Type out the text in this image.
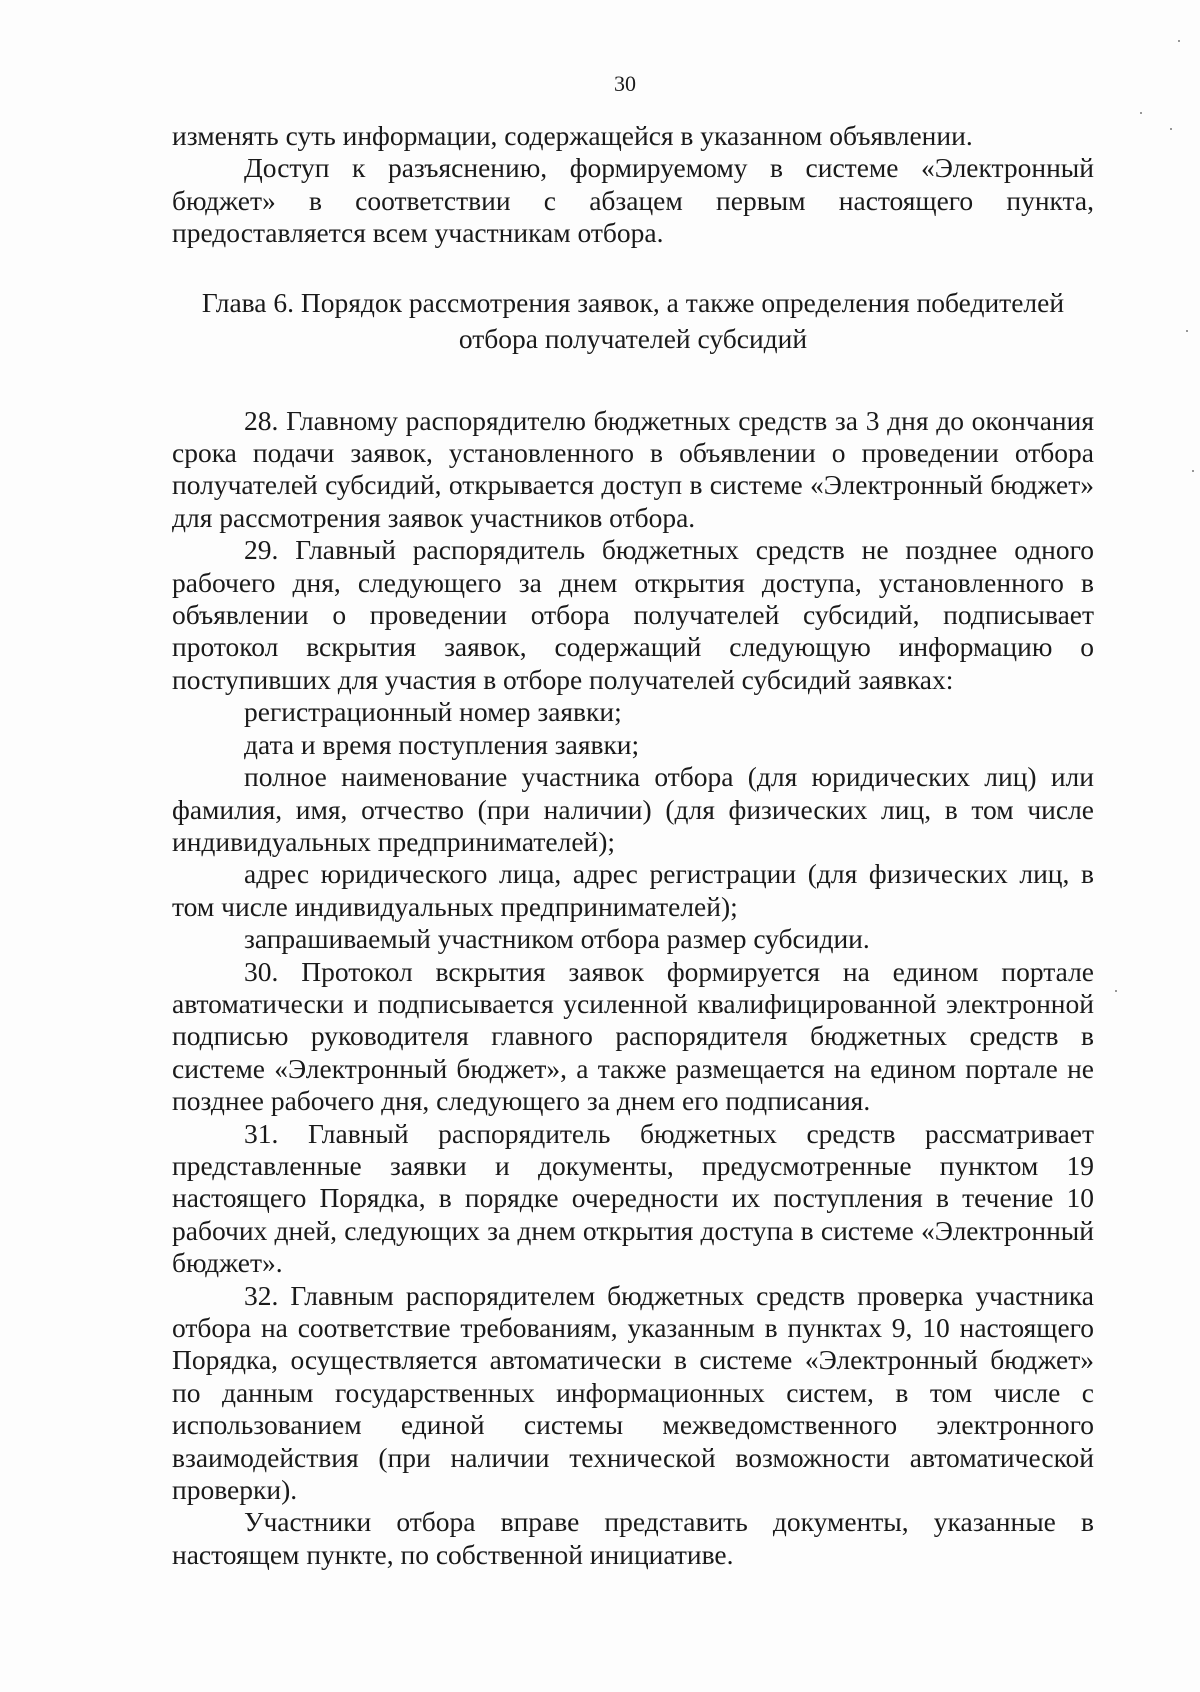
30

изменять суть информации, содержащейся в указанном объявлении.

Доступ к разъяснению, формируемому в системе «Электронный бюджет» в соответствии с абзацем первым настоящего пункта, предоставляется всем участникам отбора.

Глава 6. Порядок рассмотрения заявок, а также определения победителей отбора получателей субсидий

28. Главному распорядителю бюджетных средств за 3 дня до окончания срока подачи заявок, установленного в объявлении о проведении отбора получателей субсидий, открывается доступ в системе «Электронный бюджет» для рассмотрения заявок участников отбора.

29. Главный распорядитель бюджетных средств не позднее одного рабочего дня, следующего за днем открытия доступа, установленного в объявлении о проведении отбора получателей субсидий, подписывает протокол вскрытия заявок, содержащий следующую информацию о поступивших для участия в отборе получателей субсидий заявках:

регистрационный номер заявки;

дата и время поступления заявки;

полное наименование участника отбора (для юридических лиц) или фамилия, имя, отчество (при наличии) (для физических лиц, в том числе индивидуальных предпринимателей);

адрес юридического лица, адрес регистрации (для физических лиц, в том числе индивидуальных предпринимателей);

запрашиваемый участником отбора размер субсидии.

30. Протокол вскрытия заявок формируется на едином портале автоматически и подписывается усиленной квалифицированной электронной подписью руководителя главного распорядителя бюджетных средств в системе «Электронный бюджет», а также размещается на едином портале не позднее рабочего дня, следующего за днем его подписания.

31. Главный распорядитель бюджетных средств рассматривает представленные заявки и документы, предусмотренные пунктом 19 настоящего Порядка, в порядке очередности их поступления в течение 10 рабочих дней, следующих за днем открытия доступа в системе «Электронный бюджет».

32. Главным распорядителем бюджетных средств проверка участника отбора на соответствие требованиям, указанным в пунктах 9, 10 настоящего Порядка, осуществляется автоматически в системе «Электронный бюджет» по данным государственных информационных систем, в том числе с использованием единой системы межведомственного электронного взаимодействия (при наличии технической возможности автоматической проверки).

Участники отбора вправе представить документы, указанные в настоящем пункте, по собственной инициативе.
